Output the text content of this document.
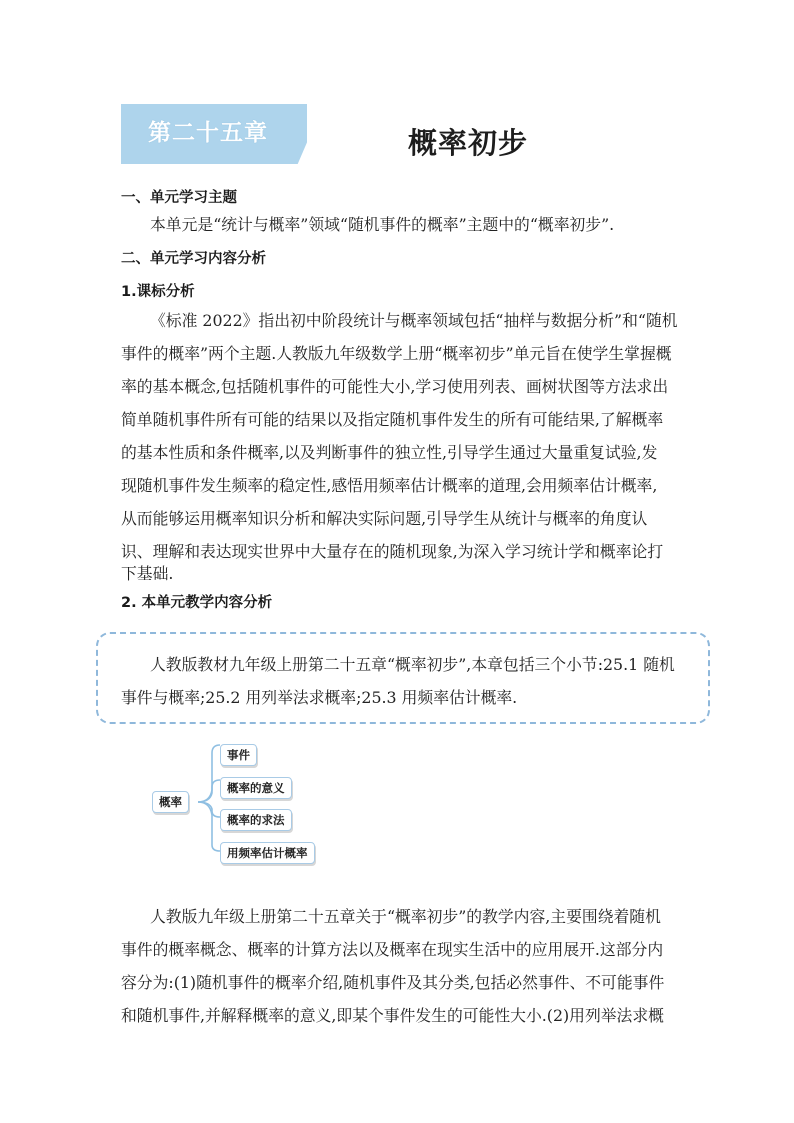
第二十五章	概率初步
一、单元学习主题
本单元是“统计与概率”领域“随机事件的概率”主题中的“概率初步”.
二、单元学习内容分析
1.课标分析
《标准 2022》指出初中阶段统计与概率领域包括“抽样与数据分析”和“随机
事件的概率”两个主题.人教版九年级数学上册“概率初步”单元旨在使学生掌握概
率的基本概念,包括随机事件的可能性大小,学习使用列表、画树状图等方法求出
简单随机事件所有可能的结果以及指定随机事件发生的所有可能结果,了解概率
的基本性质和条件概率,以及判断事件的独立性,引导学生通过大量重复试验,发
现随机事件发生频率的稳定性,感悟用频率估计概率的道理,会用频率估计概率,
从而能够运用概率知识分析和解决实际问题,引导学生从统计与概率的角度认
识、理解和表达现实世界中大量存在的随机现象,为深入学习统计学和概率论打
下基础.
2. 本单元教学内容分析
人教版教材九年级上册第二十五章“概率初步”,本章包括三个小节:25.1 随机
事件与概率;25.2 用列举法求概率;25.3 用频率估计概率.
概率
事件
概率的意义
概率的求法
用频率估计概率
人教版九年级上册第二十五章关于“概率初步”的教学内容,主要围绕着随机
事件的概率概念、概率的计算方法以及概率在现实生活中的应用展开.这部分内
容分为:(1)随机事件的概率介绍,随机事件及其分类,包括必然事件、不可能事件
和随机事件,并解释概率的意义,即某个事件发生的可能性大小.(2)用列举法求概
